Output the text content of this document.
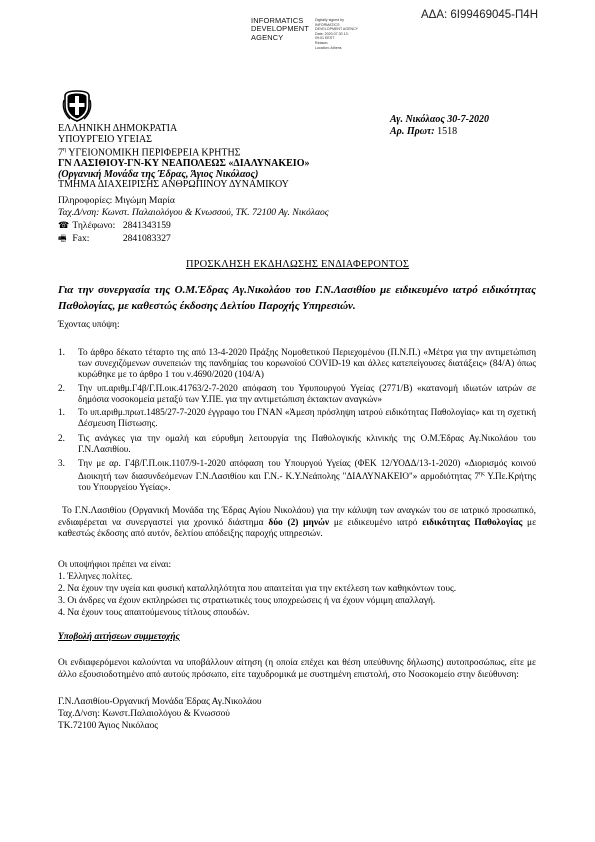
ΑΔΑ: 6Ι99469045-Π4Η
INFORMATICS
DEVELOPMENT
AGENCY
Digitally signed by
INFORMATICS
DEVELOPMENT AGENCY
Date: 2020.07.30 13:
09:01 EEST
Reason:
Location: Athens
ΕΛΛΗΝΙΚΗ ΔΗΜΟΚΡΑΤΙΑ
ΥΠΟΥΡΓΕΙΟ ΥΓΕΙΑΣ
$7^\eta$ ΥΓΕΙΟΝΟΜΙΚΗ ΠΕΡΙΦΕΡΕΙΑ ΚΡΗΤΗΣ
ΓΝ ΛΑΣΙΘΙΟΥ-ΓΝ-ΚΥ ΝΕΑΠΟΛΕΩΣ «ΔΙΑΛΥΝΑΚΕΙΟ»
(Οργανική Μονάδα της Έδρας, Άγιος Νικόλαος)
ΤΜΗΜΑ ΔΙΑΧΕΙΡΙΣΗΣ ΑΝΘΡΩΠΙΝΟΥ ΔΥΝΑΜΙΚΟΥ
Πληροφορίες: Μιγώμη Μαρία
Ταχ.Δ/νση: Κωνστ. Παλαιολόγου & Κνωσσού, ΤΚ. 72100 Αγ. Νικόλαος
☎ Τηλέφωνο: 2841343159
🖷 Fax:	2841083327
Αγ. Νικόλαος 30-7-2020
Αρ. Πρωτ: 1518
ΠΡΟΣΚΛΗΣΗ ΕΚΔΗΛΩΣΗΣ ΕΝΔΙΑΦΕΡΟΝΤΟΣ
Για την συνεργασία της Ο.Μ.Έδρας Αγ.Νικολάου του Γ.Ν.Λασιθίου με ειδικευμένο ιατρό ειδικότητας Παθολογίας, με καθεστώς έκδοσης Δελτίου Παροχής Υπηρεσιών.
Έχοντας υπόψη:
1. Το άρθρο δέκατο τέταρτο της από 13-4-2020 Πράξης Νομοθετικού Περιεχομένου (Π.Ν.Π.) «Μέτρα για την αντιμετώπιση των συνεχιζόμενων συνεπειών της πανδημίας του κορωνοϊού COVID-19 και άλλες κατεπείγουσες διατάξεις» (84/Α) όπως κυρώθηκε με το άρθρο 1 του ν.4690/2020 (104/Α)
2. Την υπ.αριθμ.Γ4β/Γ.Π.οικ.41763/2-7-2020 απόφαση του Υφυπουργού Υγείας (2771/Β) «κατανομή ιδιωτών ιατρών σε δημόσια νοσοκομεία μεταξύ των Υ.ΠΕ. για την αντιμετώπιση έκτακτων αναγκών»
1. Το υπ.αριθμ.πρωτ.1485/27-7-2020 έγγραφο του ΓΝΑΝ «Άμεση πρόσληψη ιατρού ειδικότητας Παθολογίας» και τη σχετική Δέσμευση Πίστωσης.
2. Τις ανάγκες για την ομαλή και εύρυθμη λειτουργία της Παθολογικής κλινικής της Ο.Μ.Έδρας Αγ.Νικολάου του Γ.Ν.Λασιθίου.
3. Την με αρ. Γ4β/Γ.Π.οικ.1107/9-1-2020 απόφαση του Υπουργού Υγείας (ΦΕΚ 12/ΥΟΔΔ/13-1-2020) «Διορισμός κοινού Διοικητή των διασυνδεόμενων Γ.Ν.Λασιθίου και Γ.Ν.- Κ.Υ.Νεάπολης "ΔΙΑΛΥΝΑΚΕΙΟ"» αρμοδιότητας $7^{\eta\varsigma}$ Υ.Πε.Κρήτης του Υπουργείου Υγείας».
Το Γ.Ν.Λασιθίου (Οργανική Μονάδα της Έδρας Αγίου Νικολάου) για την κάλυψη των αναγκών του σε ιατρικό προσωπικό, ενδιαφέρεται να συνεργαστεί για χρονικό διάστημα δύο (2) μηνών με ειδικευμένο ιατρό ειδικότητας Παθολογίας με καθεστώς έκδοσης από αυτόν, δελτίου απόδειξης παροχής υπηρεσιών.
Οι υποψήφιοι πρέπει να είναι:
1. Έλληνες πολίτες.
2. Να έχουν την υγεία και φυσική καταλληλότητα που απαιτείται για την εκτέλεση των καθηκόντων τους.
3. Οι άνδρες να έχουν εκπληρώσει τις στρατιωτικές τους υποχρεώσεις ή να έχουν νόμιμη απαλλαγή.
4. Να έχουν τους απαιτούμενους τίτλους σπουδών.
Υποβολή αιτήσεων συμμετοχής
Οι ενδιαφερόμενοι καλούνται να υποβάλλουν αίτηση (η οποία επέχει και θέση υπεύθυνης δήλωσης) αυτοπροσώπως, είτε με άλλο εξουσιοδοτημένο από αυτούς πρόσωπο, είτε ταχυδρομικά με συστημένη επιστολή, στο Νοσοκομείο στην διεύθυνση:
Γ.Ν.Λασιθίου-Οργανική Μονάδα Έδρας Αγ.Νικολάου
Ταχ.Δ/νση: Κωνστ.Παλαιολόγου & Κνωσσού
ΤΚ.72100 Άγιος Νικόλαος
